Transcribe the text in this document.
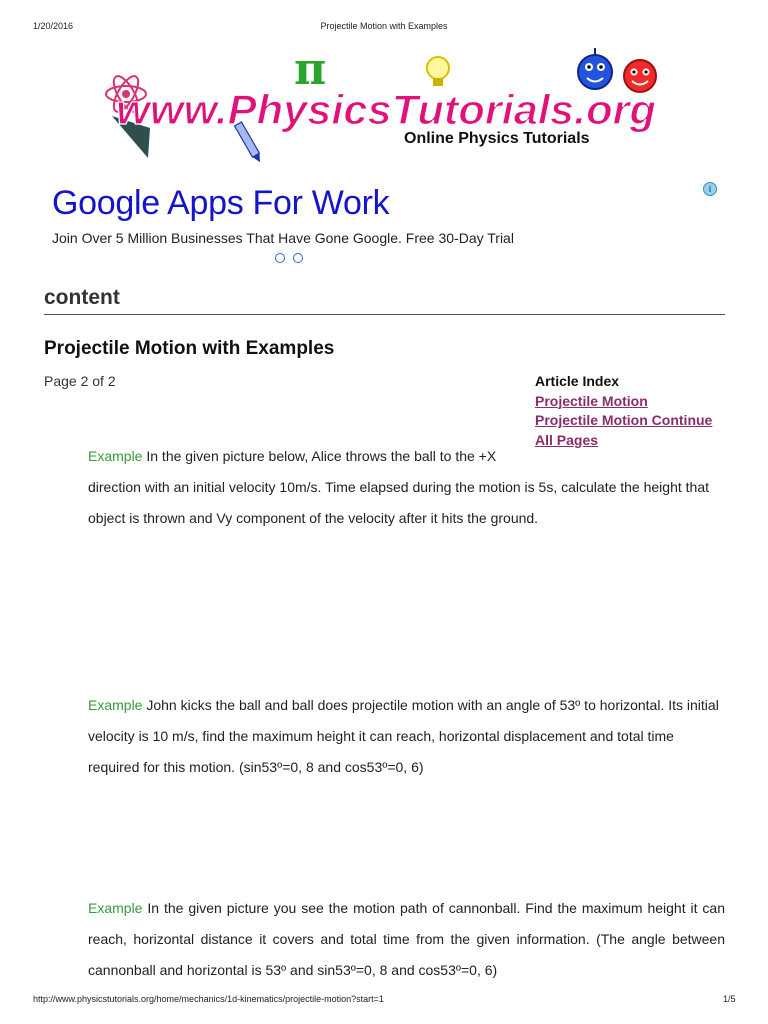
1/20/2016	Projectile Motion with Examples
π
www.PhysicsTutorials.org
Online Physics Tutorials
Google Apps For Work
Join Over 5 Million Businesses That Have Gone Google. Free 30-Day Trial
i
content
Projectile Motion with Examples
Page 2 of 2	Article Index
Projectile Motion
Projectile Motion Continue
All Pages
Example In the given picture below, Alice throws the ball to the +X
direction with an initial velocity 10m/s. Time elapsed during the motion is 5s, calculate the height that object is thrown and Vy component of the velocity after it hits the ground.
Example John kicks the ball and ball does projectile motion with an angle of 53º to horizontal. Its initial velocity is 10 m/s, find the maximum height it can reach, horizontal displacement and total time required for this motion. (sin53º=0, 8 and cos53º=0, 6)
Example In the given picture you see the motion path of cannonball. Find the maximum height it can reach, horizontal distance it covers and total time from the given information. (The angle between cannonball and horizontal is 53º and sin53º=0, 8 and cos53º=0, 6)
http://www.physicstutorials.org/home/mechanics/1d-kinematics/projectile-motion?start=1	1/5
